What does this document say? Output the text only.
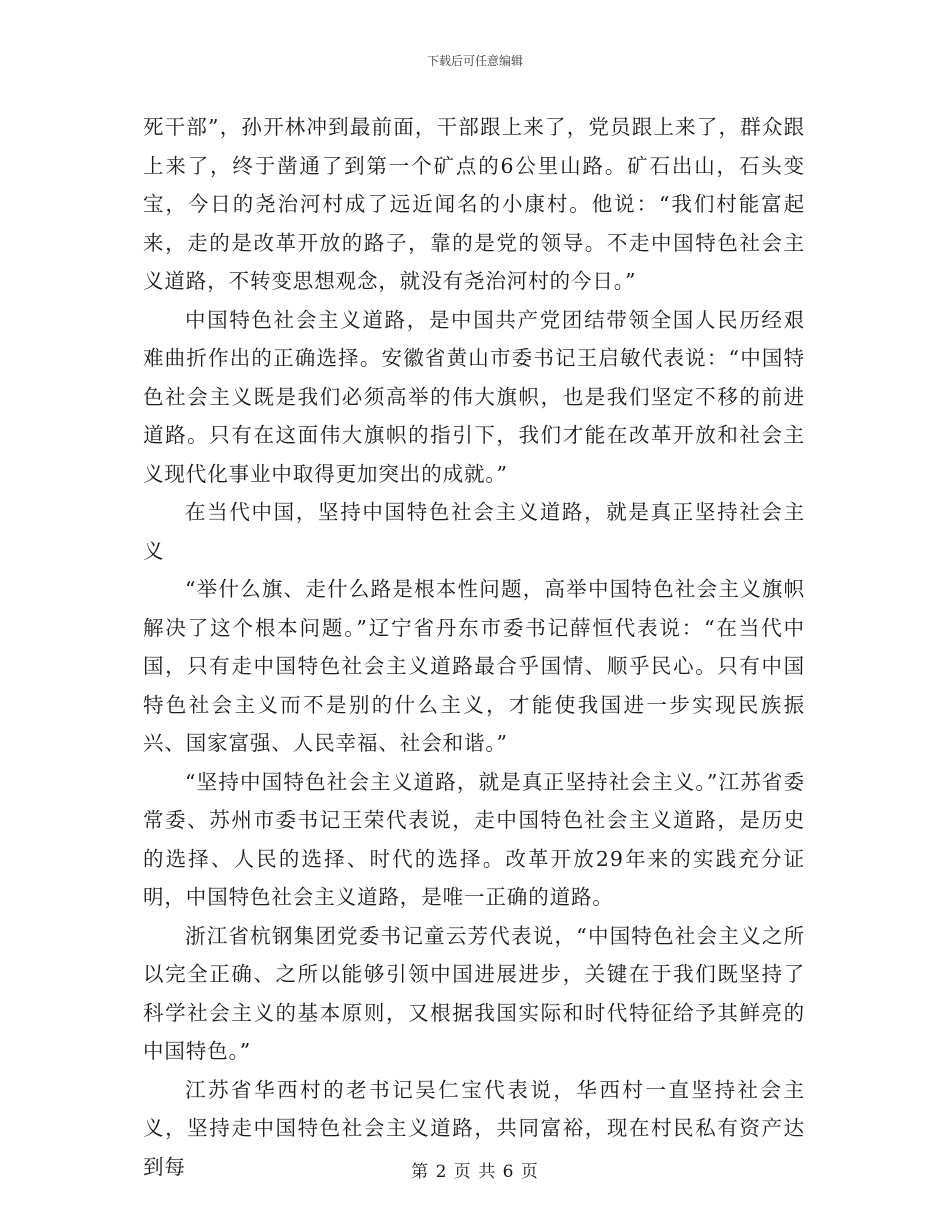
下载后可任意编辑

死干部”，孙开林冲到最前面，干部跟上来了，党员跟上来了，群众跟上来了，终于凿通了到第一个矿点的6公里山路。矿石出山，石头变宝，今日的尧治河村成了远近闻名的小康村。他说：“我们村能富起来，走的是改革开放的路子，靠的是党的领导。不走中国特色社会主义道路，不转变思想观念，就没有尧治河村的今日。”

中国特色社会主义道路，是中国共产党团结带领全国人民历经艰难曲折作出的正确选择。安徽省黄山市委书记王启敏代表说：“中国特色社会主义既是我们必须高举的伟大旗帜，也是我们坚定不移的前进道路。只有在这面伟大旗帜的指引下，我们才能在改革开放和社会主义现代化事业中取得更加突出的成就。”

在当代中国，坚持中国特色社会主义道路，就是真正坚持社会主义

“举什么旗、走什么路是根本性问题，高举中国特色社会主义旗帜解决了这个根本问题。”辽宁省丹东市委书记薛恒代表说：“在当代中国，只有走中国特色社会主义道路最合乎国情、顺乎民心。只有中国特色社会主义而不是别的什么主义，才能使我国进一步实现民族振兴、国家富强、人民幸福、社会和谐。”

“坚持中国特色社会主义道路，就是真正坚持社会主义。”江苏省委常委、苏州市委书记王荣代表说，走中国特色社会主义道路，是历史的选择、人民的选择、时代的选择。改革开放29年来的实践充分证明，中国特色社会主义道路，是唯一正确的道路。

浙江省杭钢集团党委书记童云芳代表说，“中国特色社会主义之所以完全正确、之所以能够引领中国进展进步，关键在于我们既坚持了科学社会主义的基本原则，又根据我国实际和时代特征给予其鲜亮的中国特色。”

江苏省华西村的老书记吴仁宝代表说，华西村一直坚持社会主义，坚持走中国特色社会主义道路，共同富裕，现在村民私有资产达到每	第 2 页 共 6 页
